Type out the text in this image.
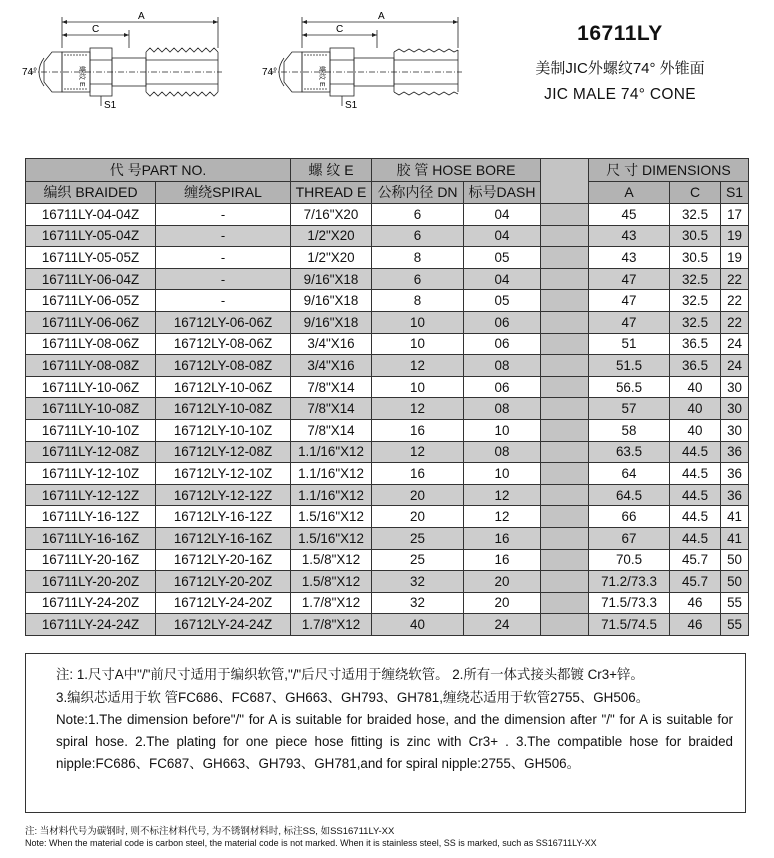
A
C
74°
S1
螺纹 E
A
C
74°
S1
螺纹 E
16711LY
美制JIC外螺纹74° 外锥面
JIC MALE 74° CONE
代 号PART NO.		螺 纹 E	胶 管 HOSE BORE			尺 寸 DIMENSIONS		
编织 BRAIDED	缠绕SPIRAL	THREAD E	公称内径 DN	标号DASH		A	C	S1
16711LY-04-04Z	-	7/16"X20	6	04		45	32.5	17
16711LY-05-04Z	-	1/2"X20	6	04		43	30.5	19
16711LY-05-05Z	-	1/2"X20	8	05		43	30.5	19
16711LY-06-04Z	-	9/16"X18	6	04		47	32.5	22
16711LY-06-05Z	-	9/16"X18	8	05		47	32.5	22
16711LY-06-06Z	16712LY-06-06Z	9/16"X18	10	06		47	32.5	22
16711LY-08-06Z	16712LY-08-06Z	3/4"X16	10	06		51	36.5	24
16711LY-08-08Z	16712LY-08-08Z	3/4"X16	12	08		51.5	36.5	24
16711LY-10-06Z	16712LY-10-06Z	7/8"X14	10	06		56.5	40	30
16711LY-10-08Z	16712LY-10-08Z	7/8"X14	12	08		57	40	30
16711LY-10-10Z	16712LY-10-10Z	7/8"X14	16	10		58	40	30
16711LY-12-08Z	16712LY-12-08Z	1.1/16"X12	12	08		63.5	44.5	36
16711LY-12-10Z	16712LY-12-10Z	1.1/16"X12	16	10		64	44.5	36
16711LY-12-12Z	16712LY-12-12Z	1.1/16"X12	20	12		64.5	44.5	36
16711LY-16-12Z	16712LY-16-12Z	1.5/16"X12	20	12		66	44.5	41
16711LY-16-16Z	16712LY-16-16Z	1.5/16"X12	25	16		67	44.5	41
16711LY-20-16Z	16712LY-20-16Z	1.5/8"X12	25	16		70.5	45.7	50
16711LY-20-20Z	16712LY-20-20Z	1.5/8"X12	32	20		71.2/73.3	45.7	50
16711LY-24-20Z	16712LY-24-20Z	1.7/8"X12	32	20		71.5/73.3	46	55
16711LY-24-24Z	16712LY-24-24Z	1.7/8"X12	40	24		71.5/74.5	46	55
注: 1.尺寸A中"/"前尺寸适用于编织软管,"/"后尺寸适用于缠绕软管。 2.所有一体式接头都镀 Cr3+锌。
3.编织芯适用于软 管FC686、FC687、GH663、GH793、GH781,缠绕芯适用于软管2755、GH506。
Note:1.The dimension before"/" for A is suitable for braided hose, and the dimension after "/" for A is suitable for spiral hose. 2.The plating for one piece hose fitting is zinc with Cr3+ . 3.The compatible hose for braided nipple:FC686、FC687、GH663、GH793、GH781,and for spiral nipple:2755、GH506。
注: 当材料代号为碳钢时, 则不标注材料代号, 为不锈钢材料时, 标注SS, 如SS16711LY-XX
Note: When the material code is carbon steel, the material code is not marked. When it is stainless steel, SS is marked, such as SS16711LY-XX
